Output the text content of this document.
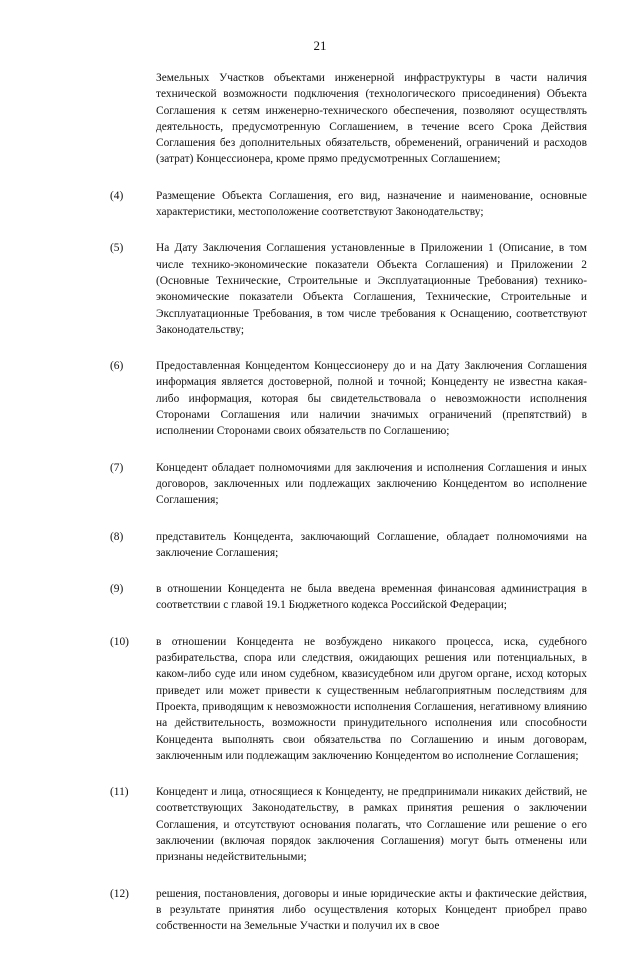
21

Земельных Участков объектами инженерной инфраструктуры в части наличия технической возможности подключения (технологического присоединения) Объекта Соглашения к сетям инженерно-технического обеспечения, позволяют осуществлять деятельность, предусмотренную Соглашением, в течение всего Срока Действия Соглашения без дополнительных обязательств, обременений, ограничений и расходов (затрат) Концессионера, кроме прямо предусмотренных Соглашением;

(4)	Размещение Объекта Соглашения, его вид, назначение и наименование, основные характеристики, местоположение соответствуют Законодательству;

(5)	На Дату Заключения Соглашения установленные в Приложении 1 (Описание, в том числе технико-экономические показатели Объекта Соглашения) и Приложении 2 (Основные Технические, Строительные и Эксплуатационные Требования) технико-экономические показатели Объекта Соглашения, Технические, Строительные и Эксплуатационные Требования, в том числе требования к Оснащению, соответствуют Законодательству;

(6)	Предоставленная Концедентом Концессионеру до и на Дату Заключения Соглашения информация является достоверной, полной и точной; Концеденту не известна какая-либо информация, которая бы свидетельствовала о невозможности исполнения Сторонами Соглашения или наличии значимых ограничений (препятствий) в исполнении Сторонами своих обязательств по Соглашению;

(7)	Концедент обладает полномочиями для заключения и исполнения Соглашения и иных договоров, заключенных или подлежащих заключению Концедентом во исполнение Соглашения;

(8)	представитель Концедента, заключающий Соглашение, обладает полномочиями на заключение Соглашения;

(9)	в отношении Концедента не была введена временная финансовая администрация в соответствии с главой 19.1 Бюджетного кодекса Российской Федерации;

(10) в отношении Концедента не возбуждено никакого процесса, иска, судебного разбирательства, спора или следствия, ожидающих решения или потенциальных, в каком-либо суде или ином судебном, квазисудебном или другом органе, исход которых приведет или может привести к существенным неблагоприятным последствиям для Проекта, приводящим к невозможности исполнения Соглашения, негативному влиянию на действительность, возможности принудительного исполнения или способности Концедента выполнять свои обязательства по Соглашению и иным договорам, заключенным или подлежащим заключению Концедентом во исполнение Соглашения;

(11) Концедент и лица, относящиеся к Концеденту, не предпринимали никаких действий, не соответствующих Законодательству, в рамках принятия решения о заключении Соглашения, и отсутствуют основания полагать, что Соглашение или решение о его заключении (включая порядок заключения Соглашения) могут быть отменены или признаны недействительными;

(12) решения, постановления, договоры и иные юридические акты и фактические действия, в результате принятия либо осуществления которых Концедент приобрел право собственности на Земельные Участки и получил их в свое
